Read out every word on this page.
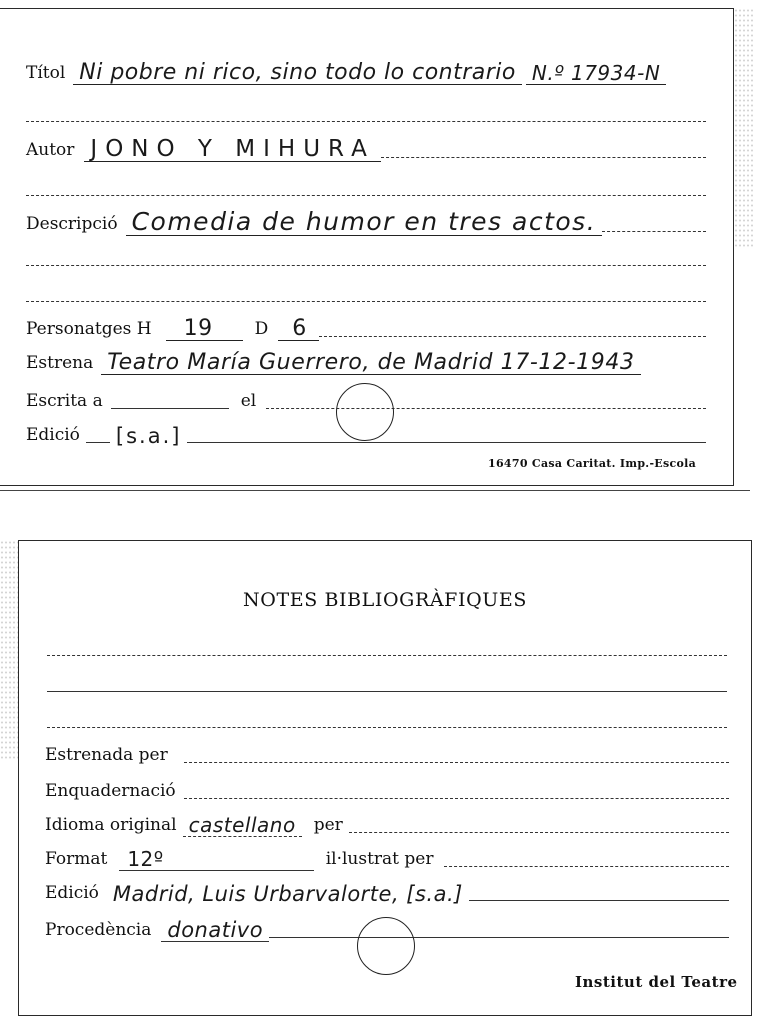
Títol Ni pobre ni rico, sino todo lo contrario N.º 17934-N
Autor JONO Y MIHURA
Descripció Comedia de humor en tres actos.
Personatges H	19	D	6
Estrena Teatro María Guerrero, de Madrid 17-12-1943
Escrita a	el
Edició [s.a.]
16470 Casa Caritat. Imp.-Escola
NOTES BIBLIOGRÀFIQUES
Estrenada per
Enquadernació
Idioma original castellano	per
Format	12º	il·lustrat per
Edició Madrid, Luis Urbarvalorte, [s.a.]
Procedència donativo
Institut del Teatre
